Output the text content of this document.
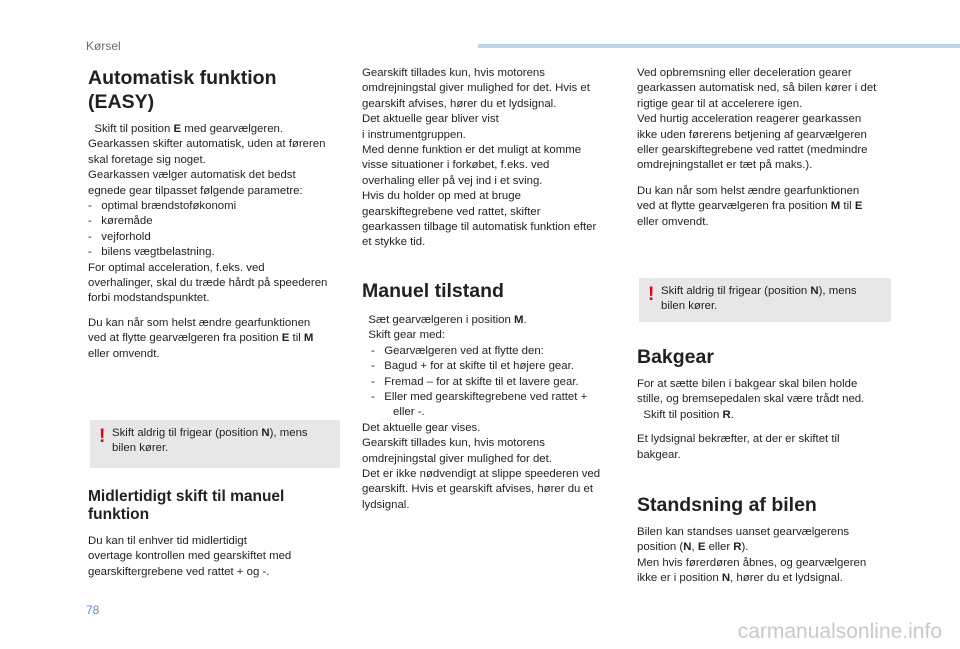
Kørsel
Automatisk funktion (EASY)
Skift til position E med gearvælgeren.
Gearkassen skifter automatisk, uden at føreren
skal foretage sig noget.
Gearkassen vælger automatisk det bedst
egnede gear tilpasset følgende parametre:
-   optimal brændstoføkonomi
-   køremåde
-   vejforhold
-   bilens vægtbelastning.
For optimal acceleration, f.eks. ved
overhalinger, skal du træde hårdt på speederen
forbi modstandspunktet.
Du kan når som helst ændre gearfunktionen
ved at flytte gearvælgeren fra position E til M
eller omvendt.
! Skift aldrig til frigear (position N), mens
bilen kører.
Midlertidigt skift til manuel
funktion
Du kan til enhver tid midlertidigt
overtage kontrollen med gearskiftet med
gearskiftergrebene ved rattet + og -.
Gearskift tillades kun, hvis motorens
omdrejningstal giver mulighed for det. Hvis et
gearskift afvises, hører du et lydsignal.
Det aktuelle gear bliver vist
i instrumentgruppen.
Med denne funktion er det muligt at komme
visse situationer i forkøbet, f.eks. ved
overhaling eller på vej ind i et sving.
Hvis du holder op med at bruge
gearskiftegrebene ved rattet, skifter
gearkassen tilbage til automatisk funktion efter
et stykke tid.
Manuel tilstand
Sæt gearvælgeren i position M.
Skift gear med:
-   Gearvælgeren ved at flytte den:
-   Bagud + for at skifte til et højere gear.
-   Fremad – for at skifte til et lavere gear.
-   Eller med gearskiftegrebene ved rattet +
eller -.
Det aktuelle gear vises.
Gearskift tillades kun, hvis motorens
omdrejningstal giver mulighed for det.
Det er ikke nødvendigt at slippe speederen ved
gearskift. Hvis et gearskift afvises, hører du et
lydsignal.
Ved opbremsning eller deceleration gearer
gearkassen automatisk ned, så bilen kører i det
rigtige gear til at accelerere igen.
Ved hurtig acceleration reagerer gearkassen
ikke uden førerens betjening af gearvælgeren
eller gearskiftegrebene ved rattet (medmindre
omdrejningstallet er tæt på maks.).
Du kan når som helst ændre gearfunktionen
ved at flytte gearvælgeren fra position M til E
eller omvendt.
! Skift aldrig til frigear (position N), mens
bilen kører.
Bakgear
For at sætte bilen i bakgear skal bilen holde
stille, og bremsepedalen skal være trådt ned.
Skift til position R.
Et lydsignal bekræfter, at der er skiftet til
bakgear.
Standsning af bilen
Bilen kan standses uanset gearvælgerens
position (N, E eller R).
Men hvis førerdøren åbnes, og gearvælgeren
ikke er i position N, hører du et lydsignal.
78
carmanualsonline.info
